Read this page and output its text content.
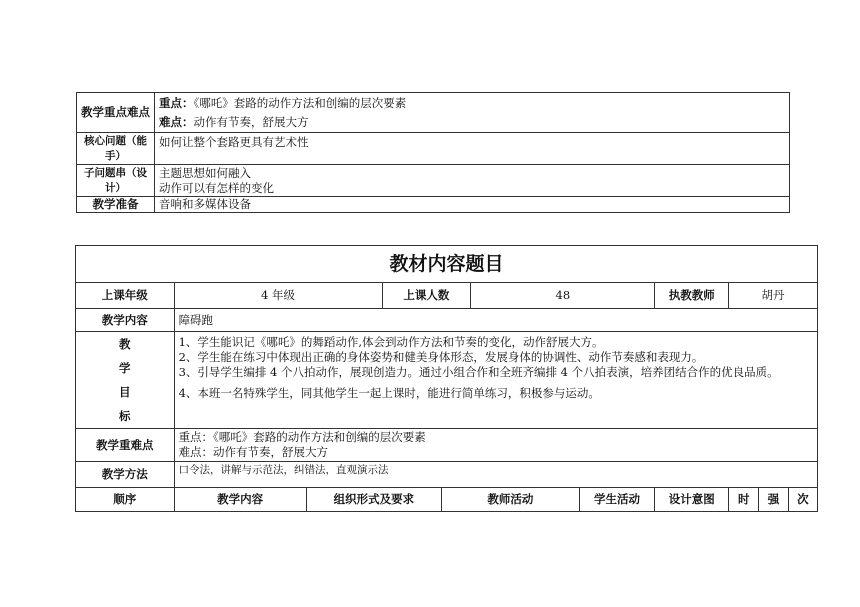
教学重点难点	重点：《哪吒》套路的动作方法和创编的层次要素
难点：动作有节奏，舒展大方

核心问题（能手）	如何让整个套路更具有艺术性
子问题串（设计）	主题思想如何融入
动作可以有怎样的变化

教学准备	音响和多媒体设备
教材内容题目										
上课年级	4 年级		上课人数		48		执教教师	胡丹		
教学内容	障碍跑									

教
学
目
标	1、学生能识记《哪吒》的舞蹈动作,体会到动作方法和节奏的变化，动作舒展大方。
2、学生能在练习中体现出正确的身体姿势和健美身体形态，发展身体的协调性、动作节奏感和表现力。
3、引导学生编排 4 个八拍动作，展现创造力。通过小组合作和全班齐编排 4 个八拍表演，培养团结合作的优良品质。
4、本班一名特殊学生，同其他学生一起上课时，能进行简单练习，积极参与运动。									

教学重难点	重点：《哪吒》套路的动作方法和创编的层次要素
难点：动作有节奏，舒展大方									

教学方法	口令法，讲解与示范法，纠错法，直观演示法									
顺序	教学内容	组织形式及要求		教师活动		学生活动	设计意图	时	强	次
